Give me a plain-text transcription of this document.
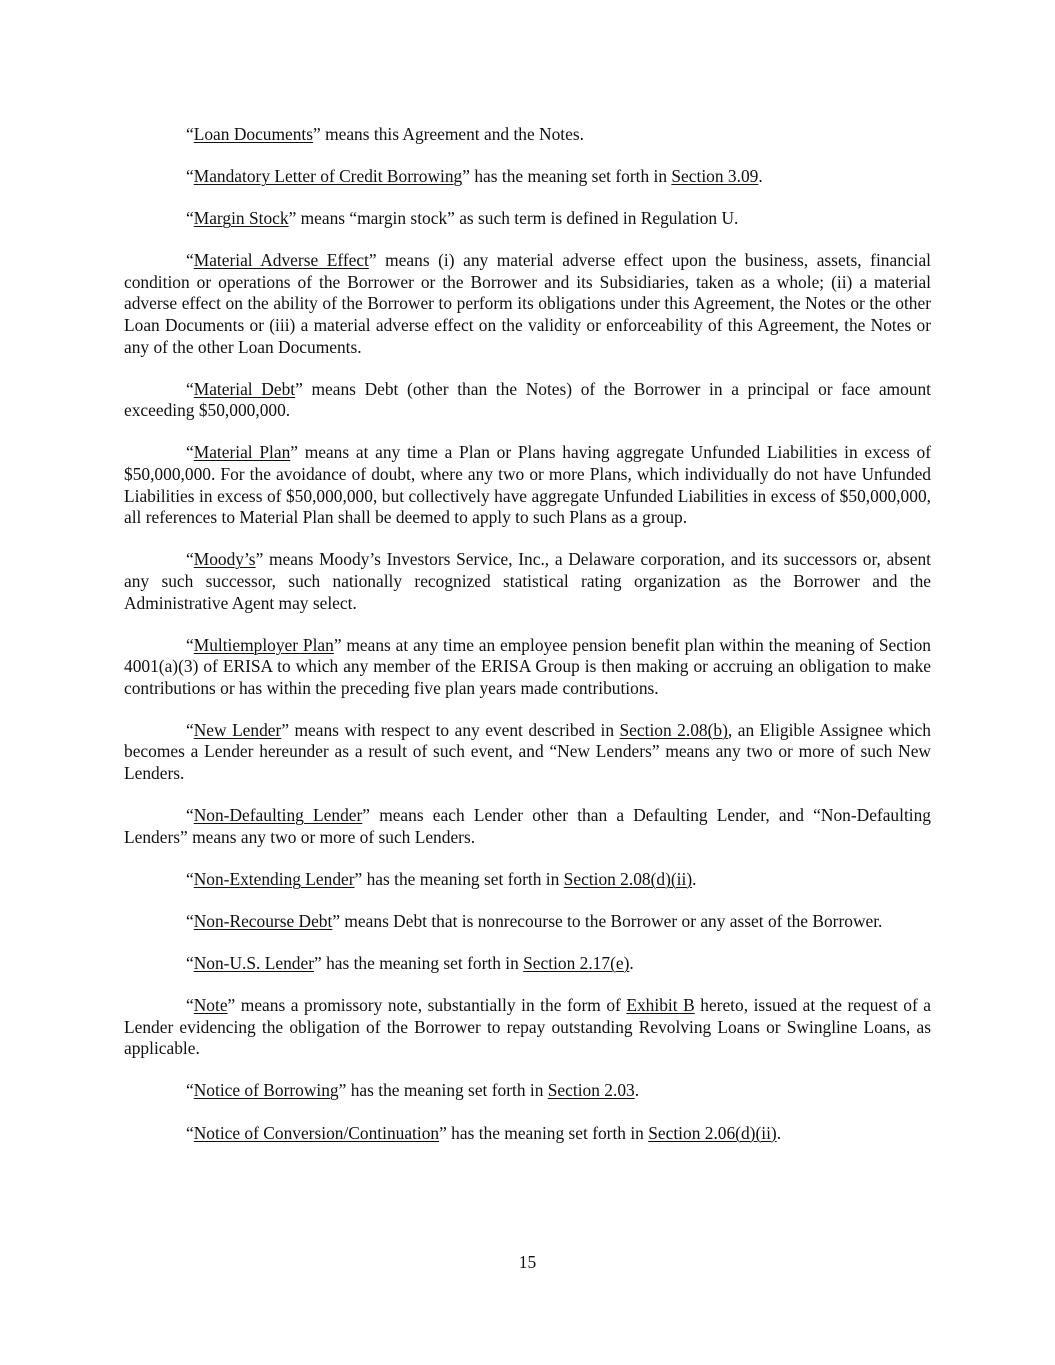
“Loan Documents” means this Agreement and the Notes.

“Mandatory Letter of Credit Borrowing” has the meaning set forth in Section 3.09.

“Margin Stock” means “margin stock” as such term is defined in Regulation U.

“Material Adverse Effect” means (i) any material adverse effect upon the business, assets, financial condition or operations of the Borrower or the Borrower and its Subsidiaries, taken as a whole; (ii) a material adverse effect on the ability of the Borrower to perform its obligations under this Agreement, the Notes or the other Loan Documents or (iii) a material adverse effect on the validity or enforceability of this Agreement, the Notes or any of the other Loan Documents.

“Material Debt” means Debt (other than the Notes) of the Borrower in a principal or face amount exceeding $50,000,000.

“Material Plan” means at any time a Plan or Plans having aggregate Unfunded Liabilities in excess of $50,000,000. For the avoidance of doubt, where any two or more Plans, which individually do not have Unfunded Liabilities in excess of $50,000,000, but collectively have aggregate Unfunded Liabilities in excess of $50,000,000, all references to Material Plan shall be deemed to apply to such Plans as a group.

“Moody’s” means Moody’s Investors Service, Inc., a Delaware corporation, and its successors or, absent any such successor, such nationally recognized statistical rating organization as the Borrower and the Administrative Agent may select.

“Multiemployer Plan” means at any time an employee pension benefit plan within the meaning of Section 4001(a)(3) of ERISA to which any member of the ERISA Group is then making or accruing an obligation to make contributions or has within the preceding five plan years made contributions.

“New Lender” means with respect to any event described in Section 2.08(b), an Eligible Assignee which becomes a Lender hereunder as a result of such event, and “New Lenders” means any two or more of such New Lenders.

“Non-Defaulting Lender” means each Lender other than a Defaulting Lender, and “Non-Defaulting Lenders” means any two or more of such Lenders.

“Non-Extending Lender” has the meaning set forth in Section 2.08(d)(ii).

“Non-Recourse Debt” means Debt that is nonrecourse to the Borrower or any asset of the Borrower.

“Non-U.S. Lender” has the meaning set forth in Section 2.17(e).

“Note” means a promissory note, substantially in the form of Exhibit B hereto, issued at the request of a Lender evidencing the obligation of the Borrower to repay outstanding Revolving Loans or Swingline Loans, as applicable.

“Notice of Borrowing” has the meaning set forth in Section 2.03.

“Notice of Conversion/Continuation” has the meaning set forth in Section 2.06(d)(ii).

15
